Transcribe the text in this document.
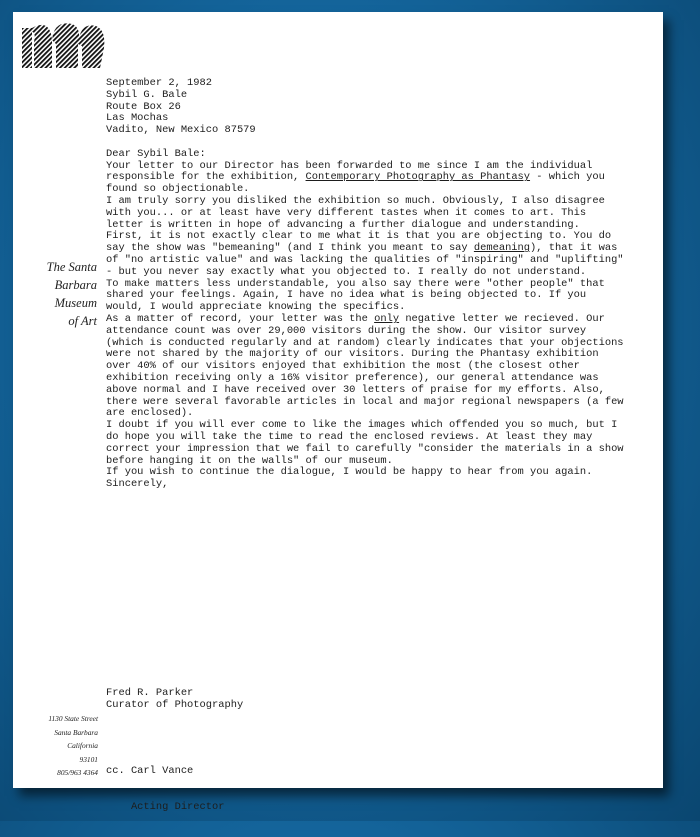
The Santa
Barbara
Museum
of Art

September 2, 1982

Sybil G. Bale

Route Box 26

Las Mochas

Vadito, New Mexico 87579

Dear Sybil Bale:

Your letter to our Director has been forwarded to me since I am the individual responsible for the exhibition, Contemporary Photography as Phantasy - which you found so objectionable.

I am truly sorry you disliked the exhibition so much. Obviously, I also disagree with you... or at least have very different tastes when it comes to art. This letter is written in hope of advancing a further dialogue and understanding.

First, it is not exactly clear to me what it is that you are objecting to. You do say the show was "bemeaning" (and I think you meant to say demeaning), that it was of "no artistic value" and was lacking the qualities of "inspiring" and "uplifting" - but you never say exactly what you objected to. I really do not understand.

To make matters less understandable, you also say there were "other people" that shared your feelings. Again, I have no idea what is being objected to. If you would, I would appreciate knowing the specifics.

As a matter of record, your letter was the only negative letter we recieved. Our attendance count was over 29,000 visitors during the show. Our visitor survey (which is conducted regularly and at random) clearly indicates that your objections were not shared by the majority of our visitors. During the Phantasy exhibition over 40% of our visitors enjoyed that exhibition the most (the closest other exhibition receiving only a 16% visitor preference), our general attendance was above normal and I have received over 30 letters of praise for my efforts. Also, there were several favorable articles in local and major regional newspapers (a few are enclosed).

I doubt if you will ever come to like the images which offended you so much, but I do hope you will take the time to read the enclosed reviews. At least they may correct your impression that we fail to carefully "consider the materials in a show before hanging it on the walls" of our museum.

If you wish to continue the dialogue, I would be happy to hear from you again.

Sincerely,

Fred R. Parker
Curator of Photography

cc. Carl Vance

Acting Director

1130 State Street
Santa Barbara
California
93101
805/963 4364
